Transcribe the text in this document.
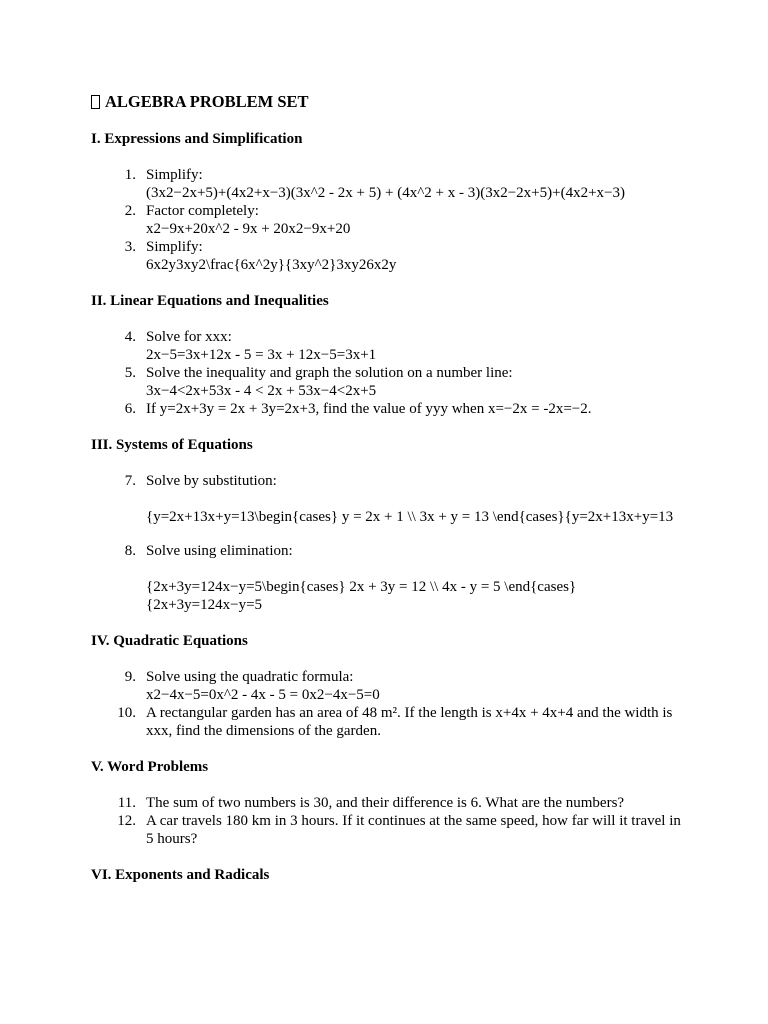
ALGEBRA PROBLEM SET
I. Expressions and Simplification
1. Simplify:
(3x2−2x+5)+(4x2+x−3)(3x^2 - 2x + 5) + (4x^2 + x - 3)(3x2−2x+5)+(4x2+x−3)
2. Factor completely:
x2−9x+20x^2 - 9x + 20x2−9x+20
3. Simplify:
6x2y3xy2\frac{6x^2y}{3xy^2}3xy26x2y
II. Linear Equations and Inequalities
4. Solve for xxx:
2x−5=3x+12x - 5 = 3x + 12x−5=3x+1
5. Solve the inequality and graph the solution on a number line:
3x−4<2x+53x - 4 < 2x + 53x−4<2x+5
6. If y=2x+3y = 2x + 3y=2x+3, find the value of yyy when x=−2x = -2x=−2.
III. Systems of Equations
7. Solve by substitution:
{y=2x+13x+y=13\begin{cases} y = 2x + 1 \\ 3x + y = 13 \end{cases}{y=2x+13x+y=13
8. Solve using elimination:
{2x+3y=124x−y=5\begin{cases} 2x + 3y = 12 \\ 4x - y = 5 \end{cases}
{2x+3y=124x−y=5
IV. Quadratic Equations
9. Solve using the quadratic formula:
x2−4x−5=0x^2 - 4x - 5 = 0x2−4x−5=0
10. A rectangular garden has an area of 48 m². If the length is x+4x + 4x+4 and the width is
xxx, find the dimensions of the garden.
V. Word Problems
11. The sum of two numbers is 30, and their difference is 6. What are the numbers?
12. A car travels 180 km in 3 hours. If it continues at the same speed, how far will it travel in
5 hours?
VI. Exponents and Radicals
